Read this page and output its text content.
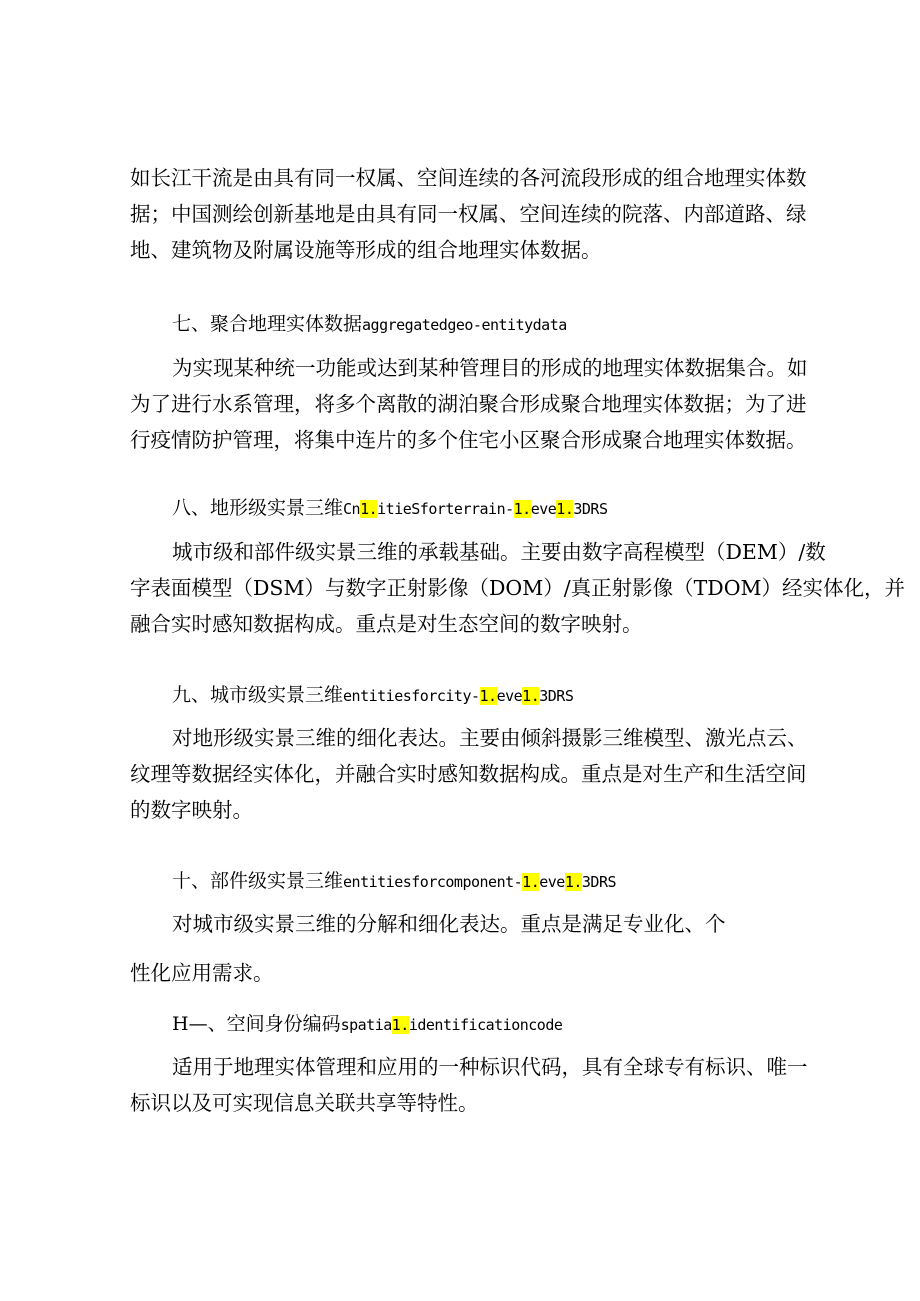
如长江干流是由具有同一权属、空间连续的各河流段形成的组合地理实体数
据；中国测绘创新基地是由具有同一权属、空间连续的院落、内部道路、绿
地、建筑物及附属设施等形成的组合地理实体数据。
七、聚合地理实体数据aggregatedgeo-entitydata
为实现某种统一功能或达到某种管理目的形成的地理实体数据集合。如
为了进行水系管理，将多个离散的湖泊聚合形成聚合地理实体数据；为了进
行疫情防护管理，将集中连片的多个住宅小区聚合形成聚合地理实体数据。
八、地形级实景三维Cn1.itieSforterrain-1.eve1.3DRS
城市级和部件级实景三维的承载基础。主要由数字高程模型（DEM）/数
字表面模型（DSM）与数字正射影像（DOM）/真正射影像（TDOM）经实体化，并
融合实时感知数据构成。重点是对生态空间的数字映射。
九、城市级实景三维entitiesforcity-1.eve1.3DRS
对地形级实景三维的细化表达。主要由倾斜摄影三维模型、激光点云、
纹理等数据经实体化，并融合实时感知数据构成。重点是对生产和生活空间
的数字映射。
十、部件级实景三维entitiesforcomponent-1.eve1.3DRS
对城市级实景三维的分解和细化表达。重点是满足专业化、个
性化应用需求。
H—、空间身份编码spatia1.identificationcode
适用于地理实体管理和应用的一种标识代码，具有全球专有标识、唯一
标识以及可实现信息关联共享等特性。
